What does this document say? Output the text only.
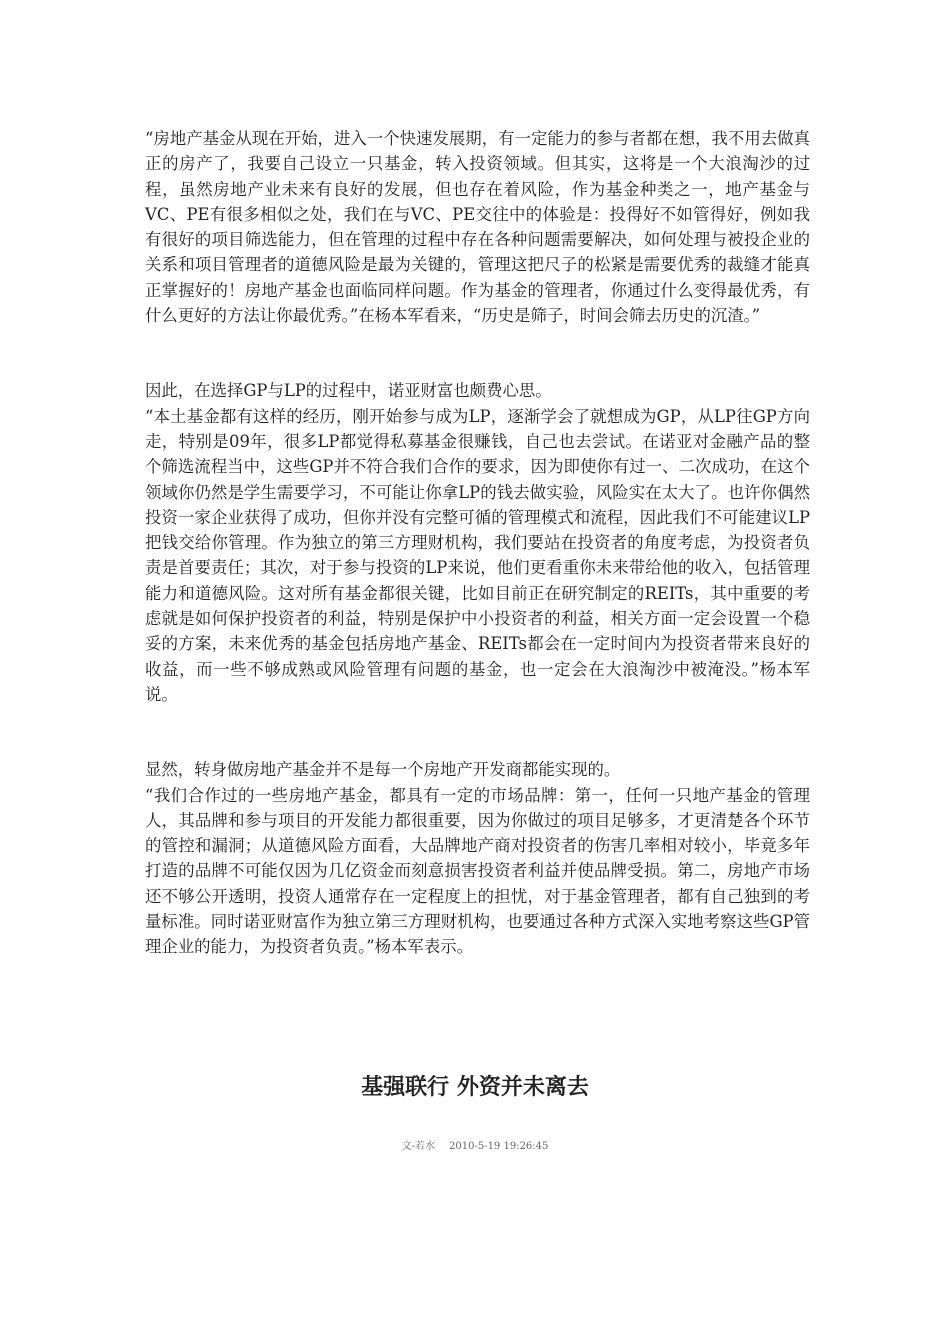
“房地产基金从现在开始，进入一个快速发展期，有一定能力的参与者都在想，我不用去做真正的房产了，我要自己设立一只基金，转入投资领域。但其实，这将是一个大浪淘沙的过程，虽然房地产业未来有良好的发展，但也存在着风险，作为基金种类之一，地产基金与VC、PE有很多相似之处，我们在与VC、PE交往中的体验是：投得好不如管得好，例如我有很好的项目筛选能力，但在管理的过程中存在各种问题需要解决，如何处理与被投企业的关系和项目管理者的道德风险是最为关键的，管理这把尺子的松紧是需要优秀的裁缝才能真正掌握好的！房地产基金也面临同样问题。作为基金的管理者，你通过什么变得最优秀，有什么更好的方法让你最优秀。”在杨本军看来，“历史是筛子，时间会筛去历史的沉渣。”

因此，在选择GP与LP的过程中，诺亚财富也颇费心思。

“本土基金都有这样的经历，刚开始参与成为LP，逐渐学会了就想成为GP，从LP往GP方向走，特别是09年，很多LP都觉得私募基金很赚钱，自己也去尝试。在诺亚对金融产品的整个筛选流程当中，这些GP并不符合我们合作的要求，因为即使你有过一、二次成功，在这个领域你仍然是学生需要学习，不可能让你拿LP的钱去做实验，风险实在太大了。也许你偶然投资一家企业获得了成功，但你并没有完整可循的管理模式和流程，因此我们不可能建议LP把钱交给你管理。作为独立的第三方理财机构，我们要站在投资者的角度考虑，为投资者负责是首要责任；其次，对于参与投资的LP来说，他们更看重你未来带给他的收入，包括管理能力和道德风险。这对所有基金都很关键，比如目前正在研究制定的REITs，其中重要的考虑就是如何保护投资者的利益，特别是保护中小投资者的利益，相关方面一定会设置一个稳妥的方案，未来优秀的基金包括房地产基金、REITs都会在一定时间内为投资者带来良好的收益，而一些不够成熟或风险管理有问题的基金，也一定会在大浪淘沙中被淹没。”杨本军说。

显然，转身做房地产基金并不是每一个房地产开发商都能实现的。

“我们合作过的一些房地产基金，都具有一定的市场品牌：第一，任何一只地产基金的管理人，其品牌和参与项目的开发能力都很重要，因为你做过的项目足够多，才更清楚各个环节的管控和漏洞；从道德风险方面看，大品牌地产商对投资者的伤害几率相对较小，毕竟多年打造的品牌不可能仅因为几亿资金而刻意损害投资者利益并使品牌受损。第二，房地产市场还不够公开透明，投资人通常存在一定程度上的担忧，对于基金管理者，都有自己独到的考量标准。同时诺亚财富作为独立第三方理财机构，也要通过各种方式深入实地考察这些GP管理企业的能力，为投资者负责。”杨本军表示。

基强联行 外资并未离去
文-若水 2010-5-19 19:26:45
